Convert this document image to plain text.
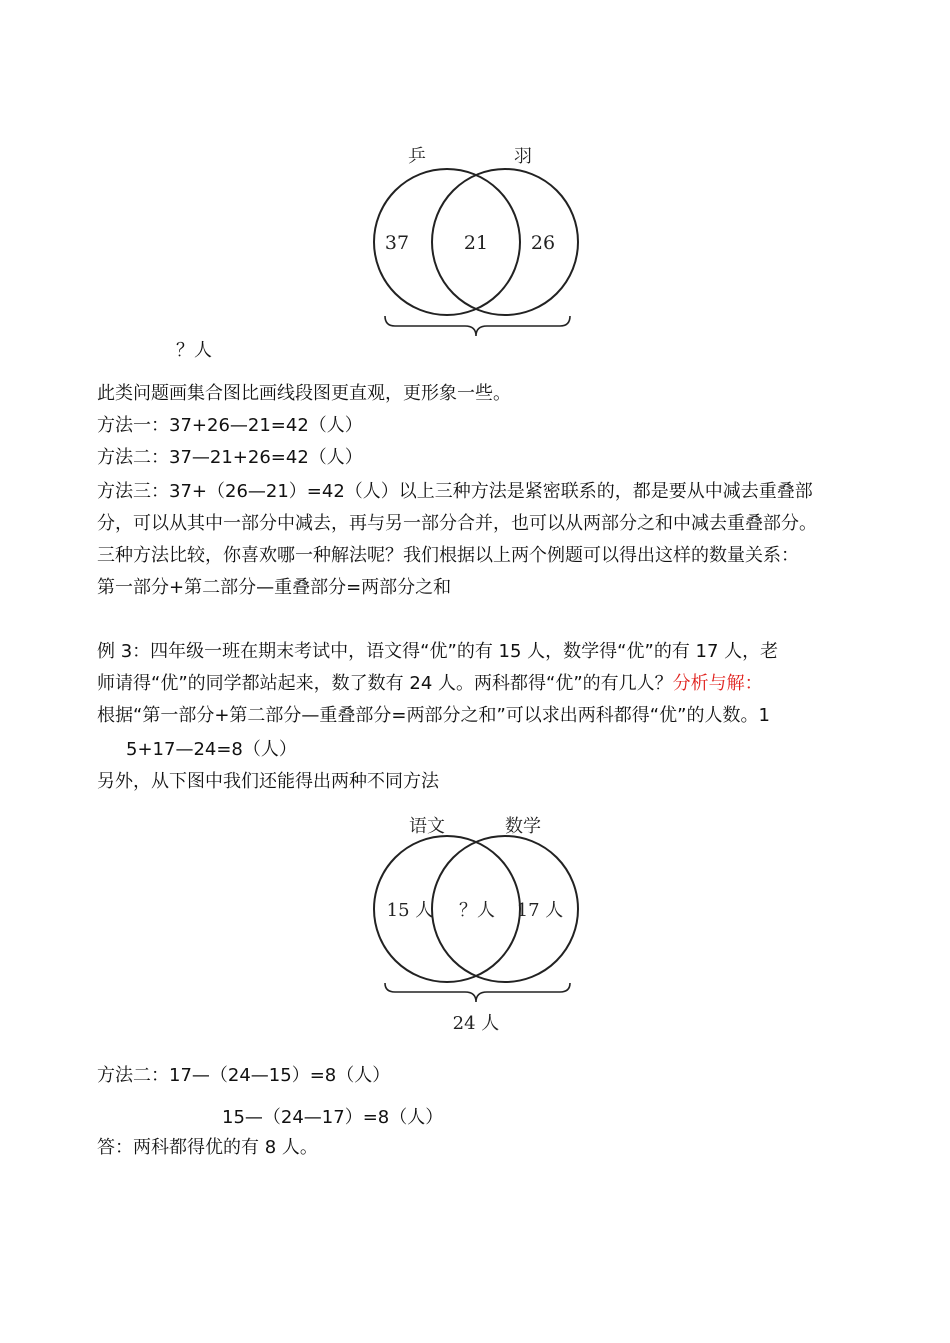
乒	羽
37	21 26
？人
此类问题画集合图比画线段图更直观，更形象一些。
方法一：37+26—21=42（人）
方法二：37—21+26=42（人）
方法三：37+（26—21）=42（人）以上三种方法是紧密联系的，都是要从中减去重叠部
分，可以从其中一部分中减去，再与另一部分合并，也可以从两部分之和中减去重叠部分。
三种方法比较，你喜欢哪一种解法呢？我们根据以上两个例题可以得出这样的数量关系：
第一部分+第二部分—重叠部分=两部分之和
例 3：四年级一班在期末考试中，语文得“优”的有 15 人，数学得“优”的有 17 人，老
师请得“优”的同学都站起来，数了数有 24 人。两科都得“优”的有几人？分析与解：
根据“第一部分+第二部分—重叠部分=两部分之和”可以求出两科都得“优”的人数。1
5+17—24=8（人）
另外，从下图中我们还能得出两种不同方法
语文	数学
15 人 ？人 17 人
24 人
方法二：17—（24—15）=8（人）
15—（24—17）=8（人）
答：两科都得优的有 8 人。
